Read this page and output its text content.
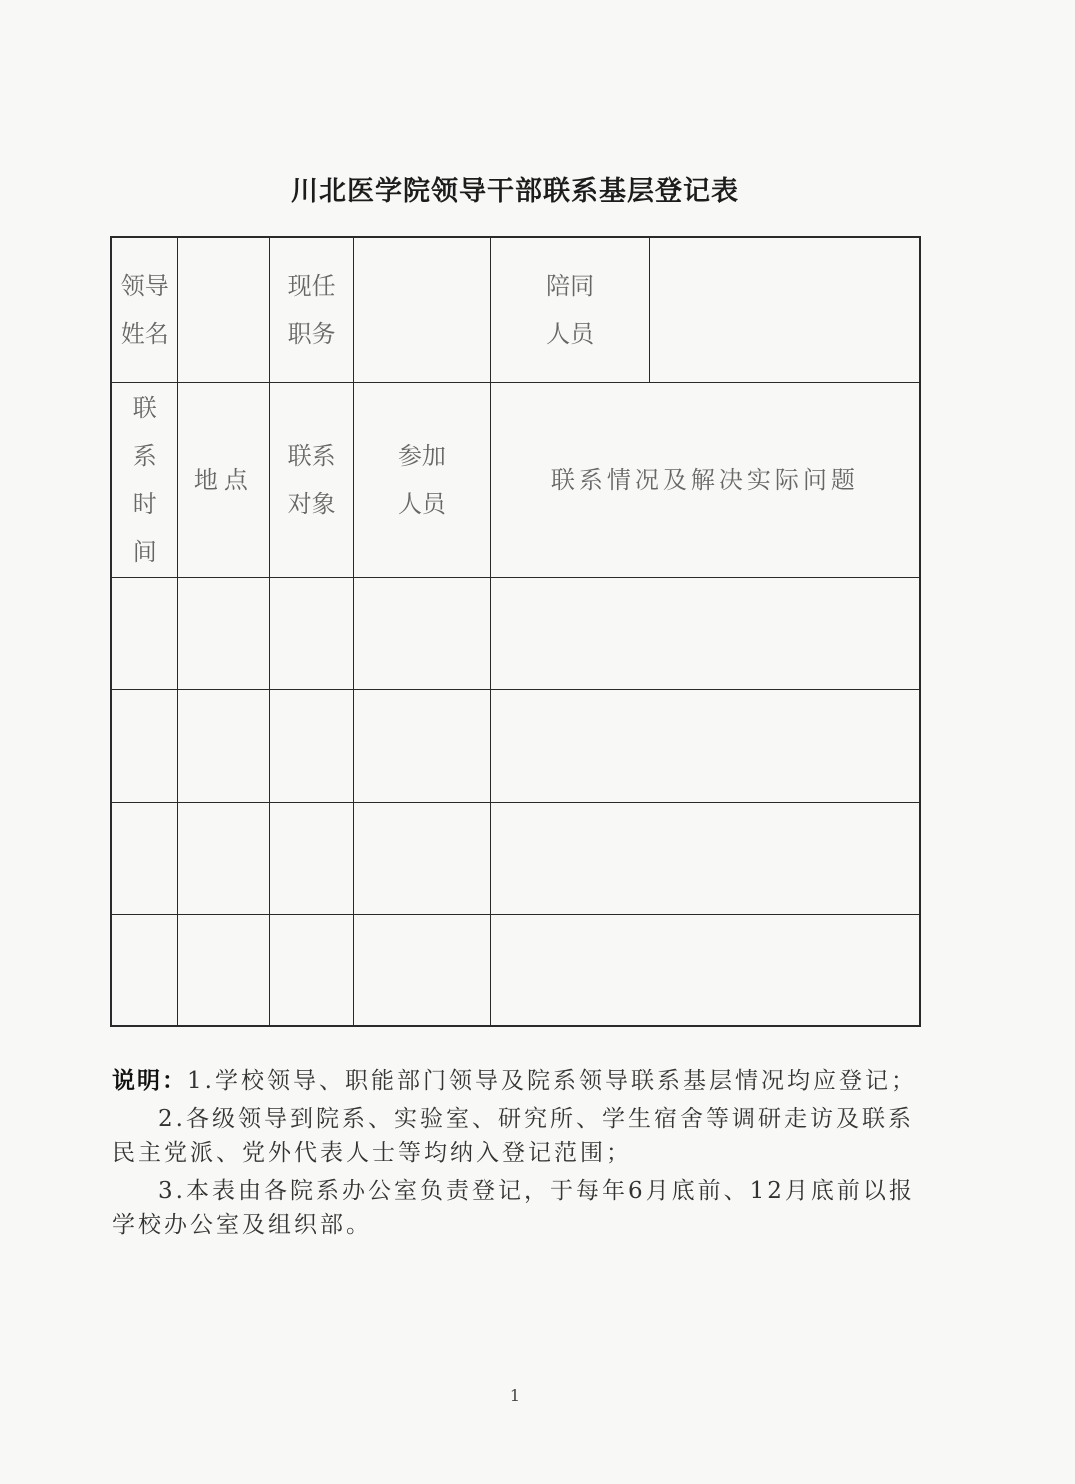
川北医学院领导干部联系基层登记表
领导姓名		现任职务		陪同人员	
联系时间	地点	联系对象	参加人员	联系情况及解决实际问题	

说明：1.学校领导、职能部门领导及院系领导联系基层情况均应登记；

2.各级领导到院系、实验室、研究所、学生宿舍等调研走访及联系民主党派、党外代表人士等均纳入登记范围；

3.本表由各院系办公室负责登记，于每年6月底前、12月底前以报学校办公室及组织部。

1
